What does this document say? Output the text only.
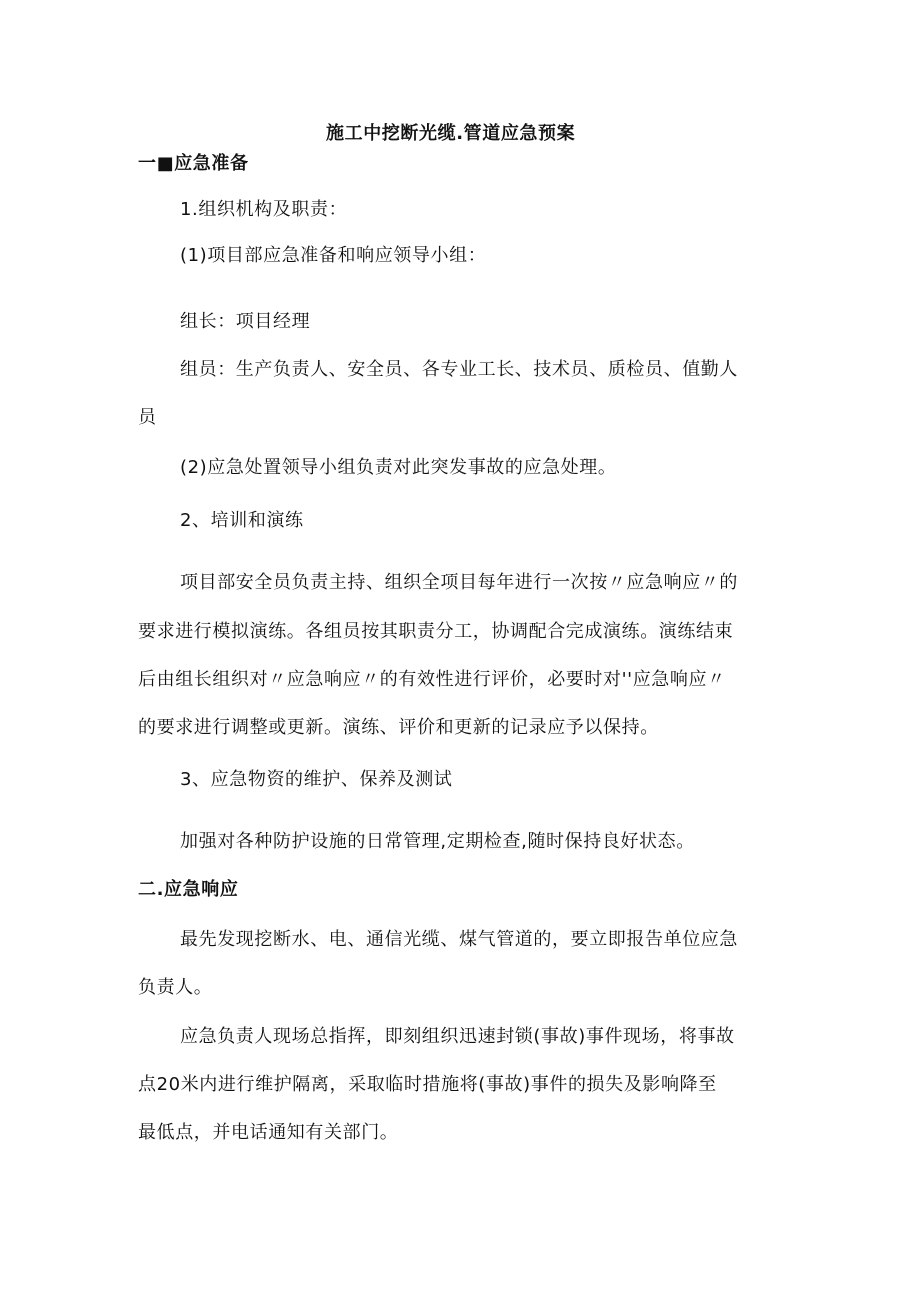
施工中挖断光缆.管道应急预案
一■应急准备
1.组织机构及职责：
(1)项目部应急准备和响应领导小组：
组长：项目经理
组员：生产负责人、安全员、各专业工长、技术员、质检员、值勤人
员
(2)应急处置领导小组负责对此突发事故的应急处理。
2、培训和演练
项目部安全员负责主持、组织全项目每年进行一次按〃应急响应〃的
要求进行模拟演练。各组员按其职责分工，协调配合完成演练。演练结束
后由组长组织对〃应急响应〃的有效性进行评价，必要时对''应急响应〃
的要求进行调整或更新。演练、评价和更新的记录应予以保持。
3、应急物资的维护、保养及测试
加强对各种防护设施的日常管理,定期检查,随时保持良好状态。
二.应急响应
最先发现挖断水、电、通信光缆、煤气管道的，要立即报告单位应急
负责人。
应急负责人现场总指挥，即刻组织迅速封锁(事故)事件现场，将事故
点20米内进行维护隔离，采取临时措施将(事故)事件的损失及影响降至
最低点，并电话通知有关部门。
